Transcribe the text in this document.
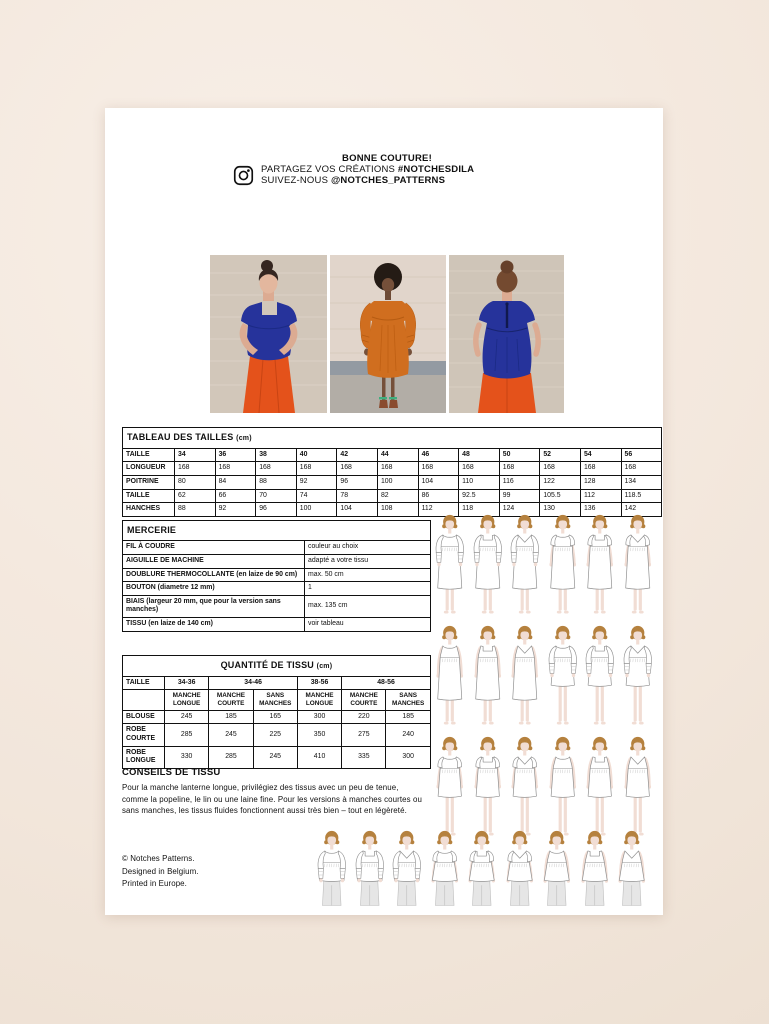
BONNE COUTURE!
PARTAGEZ VOS CRÉATIONS #NOTCHESDILA
SUIVEZ-NOUS @NOTCHES_PATTERNS
TABLEAU DES TAILLES (cm)												
TAILLE	34	36	38	40	42	44	46	48	50	52	54	56
LONGUEUR	168	168	168	168	168	168	168	168	168	168	168	168
POITRINE	80	84	88	92	96	100	104	110	116	122	128	134
TAILLE	62	66	70	74	78	82	86	92.5	99	105.5	112	118.5
HANCHES	88	92	96	100	104	108	112	118	124	130	136	142
MERCERIE	
FIL À COUDRE	couleur au choix
AIGUILLE DE MACHINE	adapté a votre tissu
DOUBLURE THERMOCOLLANTE (en laize de 90 cm)	max. 50 cm
BOUTON (diametre 12 mm)	1
BIAIS (largeur 20 mm, que pour la version sans manches)	max. 135 cm
TISSU (en laize de 140 cm)	voir tableau
QUANTITÉ DE TISSU (cm)						
TAILLE	34-36	34-46		38-56	48-56	
	MANCHE LONGUE	MANCHE COURTE	SANS MANCHES	MANCHE LONGUE	MANCHE COURTE	SANS MANCHES
BLOUSE	245	185	165	300	220	185
ROBE COURTE	285	245	225	350	275	240
ROBE LONGUE	330	285	245	410	335	300
CONSEILS DE TISSU

Pour la manche lanterne longue, privilégiez des tissus avec un peu de tenue, comme la popeline, le lin ou une laine fine. Pour les versions à manches courtes ou sans manches, les tissus fluides fonctionnent aussi très bien – tout en légèreté.

© Notches Patterns.
Designed in Belgium.
Printed in Europe.
